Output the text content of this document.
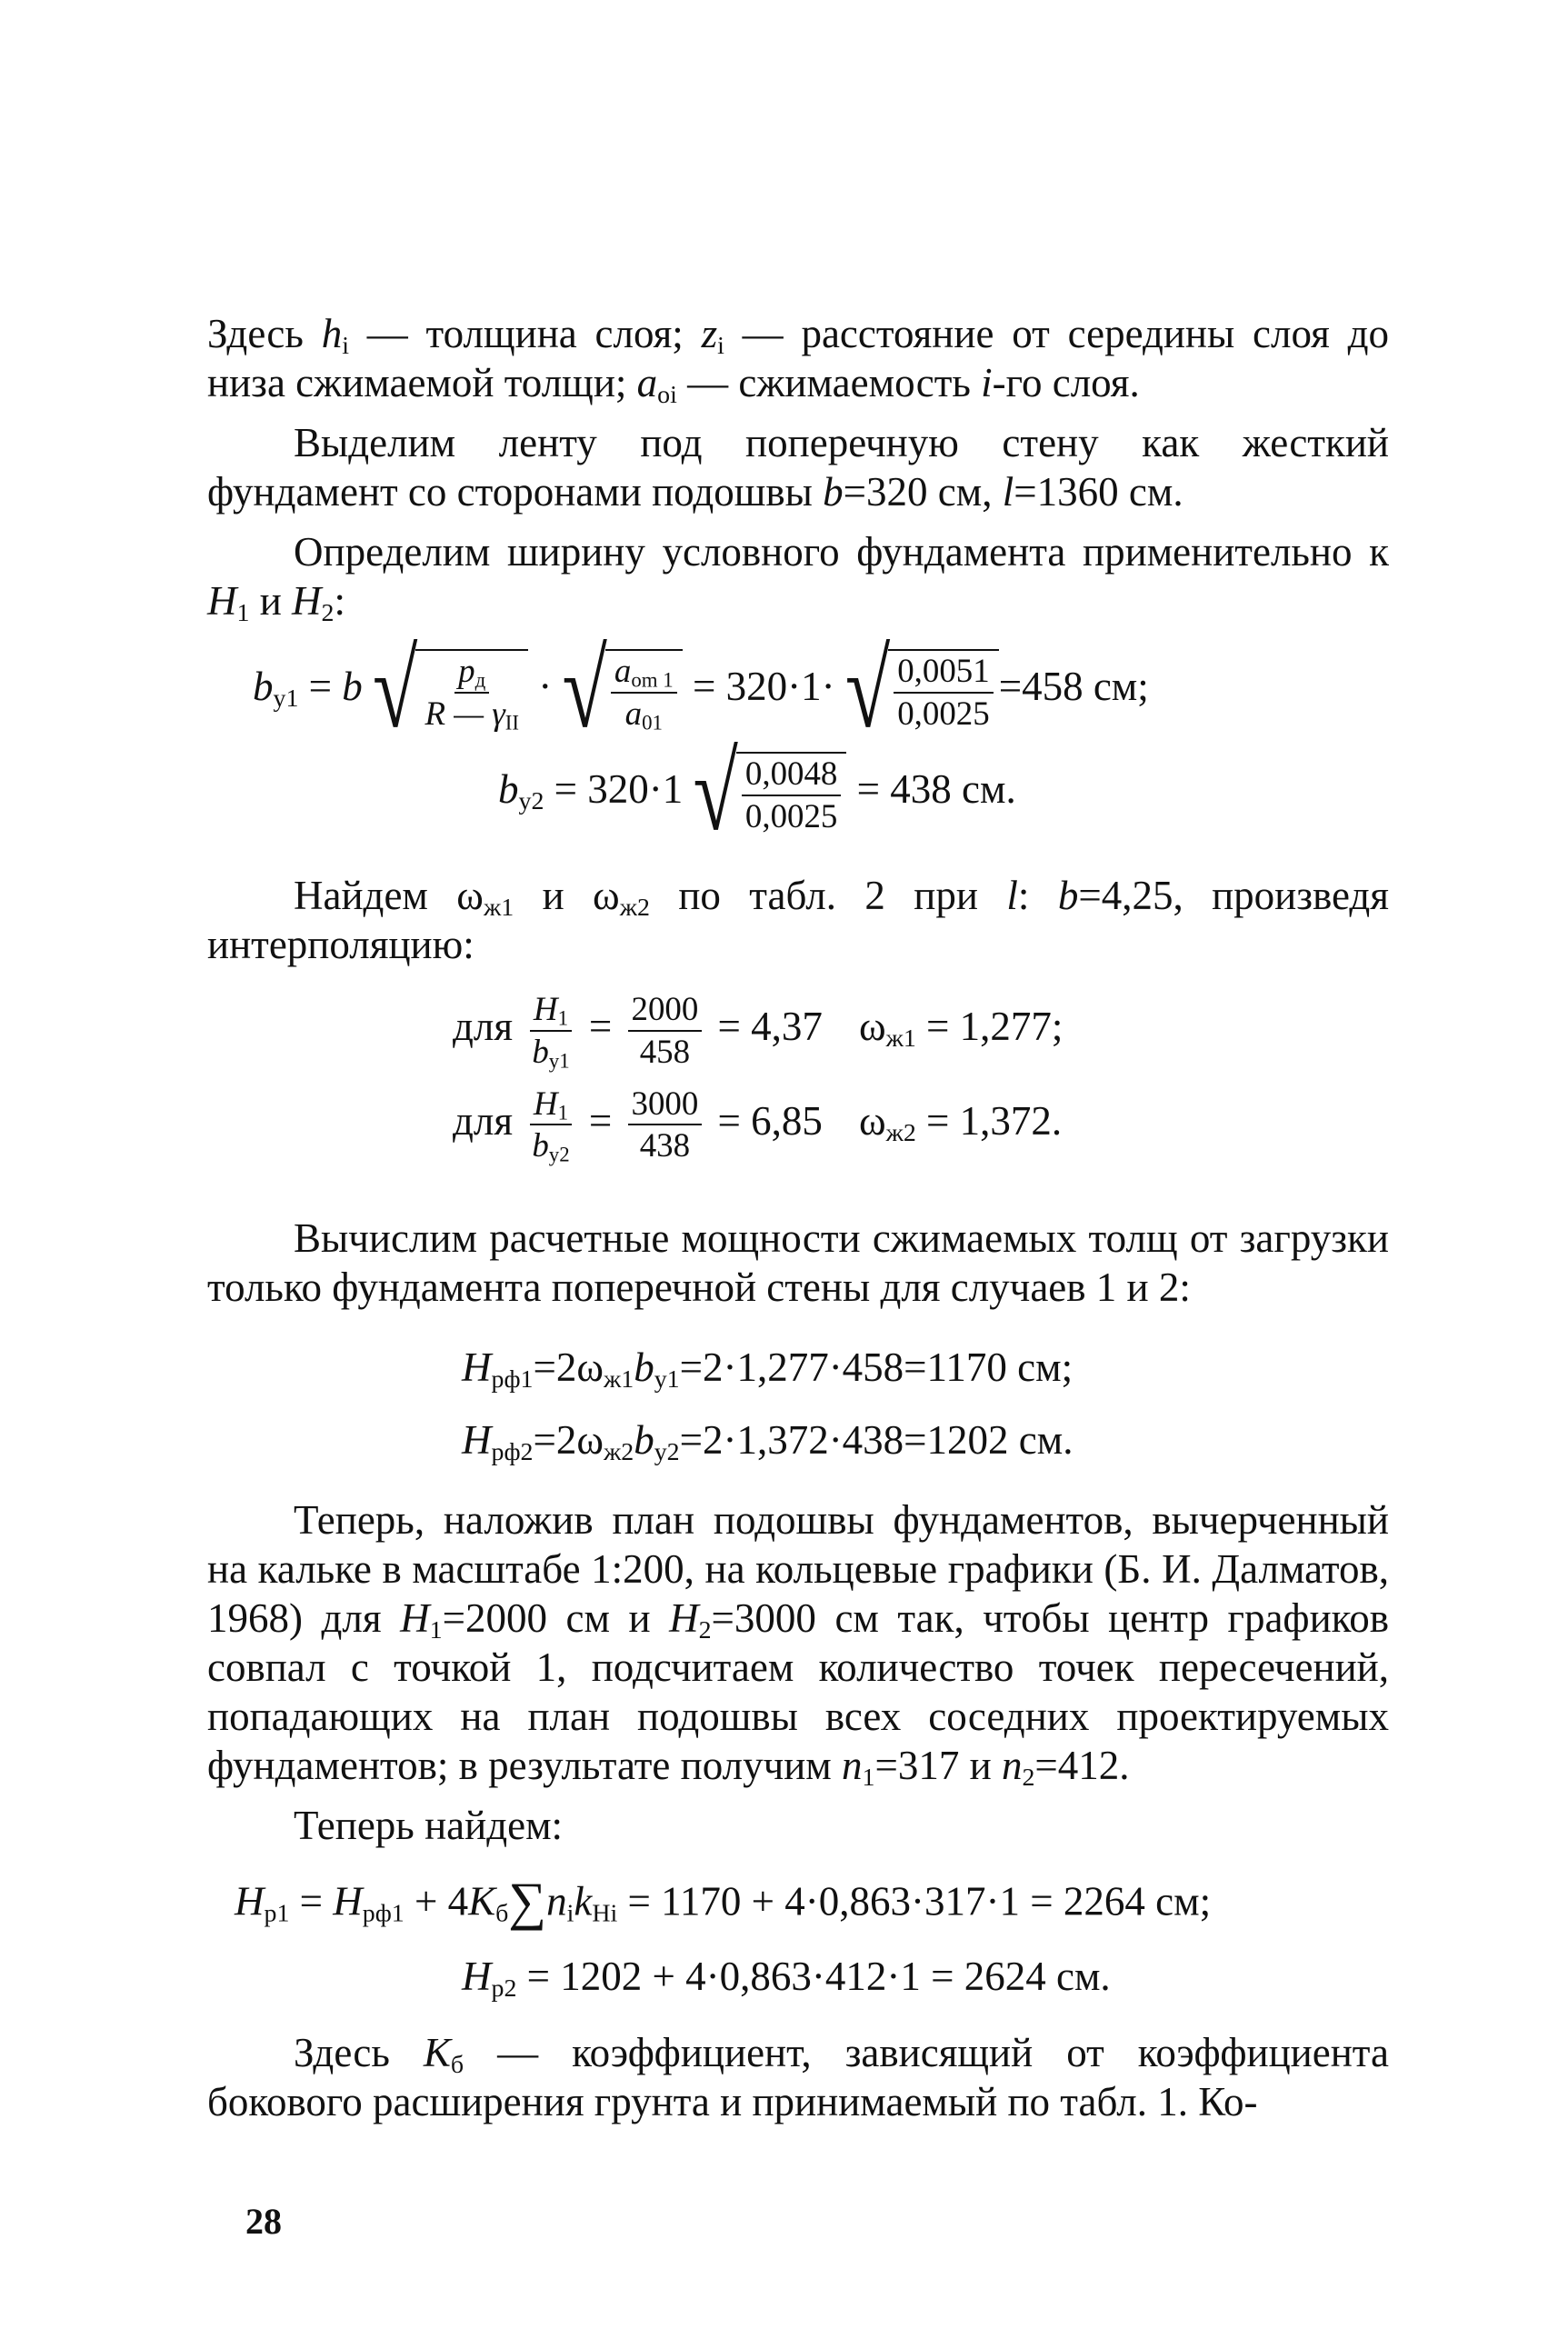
Здесь $h_i$ — толщина слоя; $z_i$ — расстояние от середины слоя до низа сжимаемой толщи; $a_{oi}$ — сжимаемость i-го слоя.

Выделим ленту под поперечную стену как жесткий фундамент со сторонами подошвы b=320 см, l=1360 см.

Определим ширину условного фундамента применительно к $H_1$ и $H_2$:

$b_{y1} = b$ √ $\frac{p_д}{R — \gamma_{II}}$ · √ $\frac{a_{om 1}}{a_{01}} = 320\cdot 1\cdot$ √ $\frac{0,0051}{0,0025} =458$ см;
$b_{y2} = 320\cdot 1$ √ $\frac{0,0048}{0,0025} = 438$ см.

Найдем $\omega_{ж1}$ и $\omega_{ж2}$ по табл. 2 при l: b=4,25, произведя интерполяцию:

для $\frac{H_1}{b_{y1}} = \frac{2000}{458} = 4,37$ $\omega_{ж1} = 1,277$;
для $\frac{H_1}{b_{y2}} = \frac{3000}{438} = 6,85$ $\omega_{ж2} = 1,372$.

Вычислим расчетные мощности сжимаемых толщ от загрузки только фундамента поперечной стены для случаев 1 и 2:

$H_{рф1}=2\omega_{ж1}b_{y1}=2\cdot 1,277\cdot 458=1170$ см;
$H_{рф2}=2\omega_{ж2}b_{y2}=2\cdot 1,372\cdot 438=1202$ см.

Теперь, наложив план подошвы фундаментов, вычерченный на кальке в масштабе 1:200, на кольцевые графики (Б. И. Далматов, 1968) для $H_1=2000$ см и $H_2=3000$ см так, чтобы центр графиков совпал с точкой 1, подсчитаем количество точек пересечений, попадающих на план подошвы всех соседних проектируемых фундаментов; в результате получим $n_1=317$ и $n_2=412$.

Теперь найдем:

$H_{p1} = H_{рф1} + 4K_б\sum n_ik_{Hi} = 1170 + 4\cdot 0,863\cdot 317\cdot 1 = 2264$ см;
$H_{p2} = 1202 + 4\cdot 0,863\cdot 412\cdot 1 = 2624$ см.

Здесь $K_б$ — коэффициент, зависящий от коэффициента бокового расширения грунта и принимаемый по табл. 1. Ко-

28
